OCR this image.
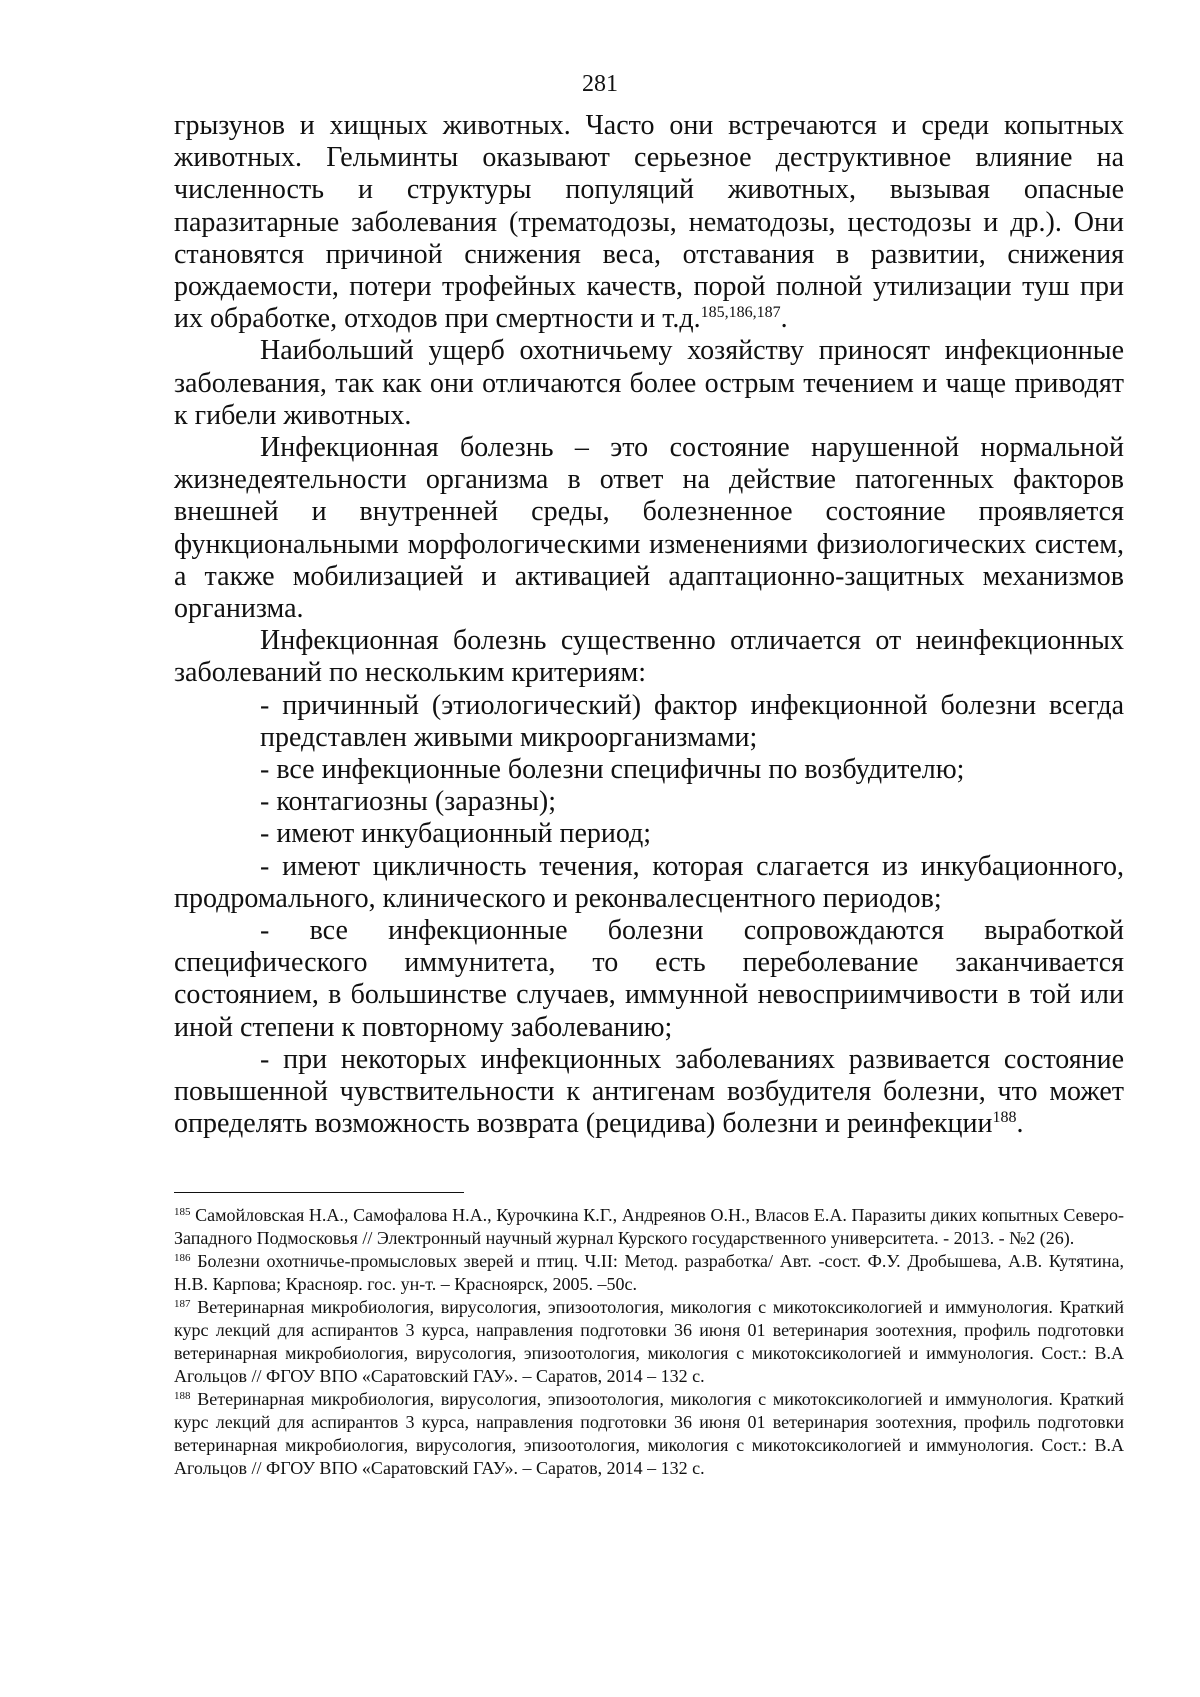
281

грызунов и хищных животных. Часто они встречаются и среди копытных животных. Гельминты оказывают серьезное деструктивное влияние на численность и структуры популяций животных, вызывая опасные паразитарные заболевания (трематодозы, нематодозы, цестодозы и др.). Они становятся причиной снижения веса, отставания в развитии, снижения рождаемости, потери трофейных качеств, порой полной утилизации туш при их обработке, отходов при смертности и т.д.$^{185,186,187}$.

Наибольший ущерб охотничьему хозяйству приносят инфекционные заболевания, так как они отличаются более острым течением и чаще приводят к гибели животных.

Инфекционная болезнь – это состояние нарушенной нормальной жизнедеятельности организма в ответ на действие патогенных факторов внешней и внутренней среды, болезненное состояние проявляется функциональными морфологическими изменениями физиологических систем, а также мобилизацией и активацией адаптационно-защитных механизмов организма.

Инфекционная болезнь существенно отличается от неинфекционных заболеваний по нескольким критериям:

- причинный (этиологический) фактор инфекционной болезни всегда представлен живыми микроорганизмами;

- все инфекционные болезни специфичны по возбудителю;

- контагиозны (заразны);

- имеют инкубационный период;

- имеют цикличность течения, которая слагается из инкубационного, продромального, клинического и реконвалесцентного периодов;

- все инфекционные болезни сопровождаются выработкой специфического иммунитета, то есть переболевание заканчивается состоянием, в большинстве случаев, иммунной невосприимчивости в той или иной степени к повторному заболеванию;

- при некоторых инфекционных заболеваниях развивается состояние повышенной чувствительности к антигенам возбудителя болезни, что может определять возможность возврата (рецидива) болезни и реинфекции$^{188}$.

$^{185}$ Самойловская Н.А., Самофалова Н.А., Курочкина К.Г., Андреянов О.Н., Власов Е.А. Паразиты диких копытных Северо-Западного Подмосковья // Электронный научный журнал Курского государственного университета. - 2013. - №2 (26).

$^{186}$ Болезни охотничье-промысловых зверей и птиц. Ч.II: Метод. разработка/ Авт. -сост. Ф.У. Дробышева, А.В. Кутятина, Н.В. Карпова; Краснояр. гос. ун-т. – Красноярск, 2005. –50с.

$^{187}$ Ветеринарная микробиология, вирусология, эпизоотология, микология с микотоксикологией и иммунология. Краткий курс лекций для аспирантов 3 курса, направления подготовки 36 июня 01 ветеринария зоотехния, профиль подготовки ветеринарная микробиология, вирусология, эпизоотология, микология с микотоксикологией и иммунология. Сост.: В.А Агольцов // ФГОУ ВПО «Саратовский ГАУ». – Саратов, 2014 – 132 с.

$^{188}$ Ветеринарная микробиология, вирусология, эпизоотология, микология с микотоксикологией и иммунология. Краткий курс лекций для аспирантов 3 курса, направления подготовки 36 июня 01 ветеринария зоотехния, профиль подготовки ветеринарная микробиология, вирусология, эпизоотология, микология с микотоксикологией и иммунология. Сост.: В.А Агольцов // ФГОУ ВПО «Саратовский ГАУ». – Саратов, 2014 – 132 с.
